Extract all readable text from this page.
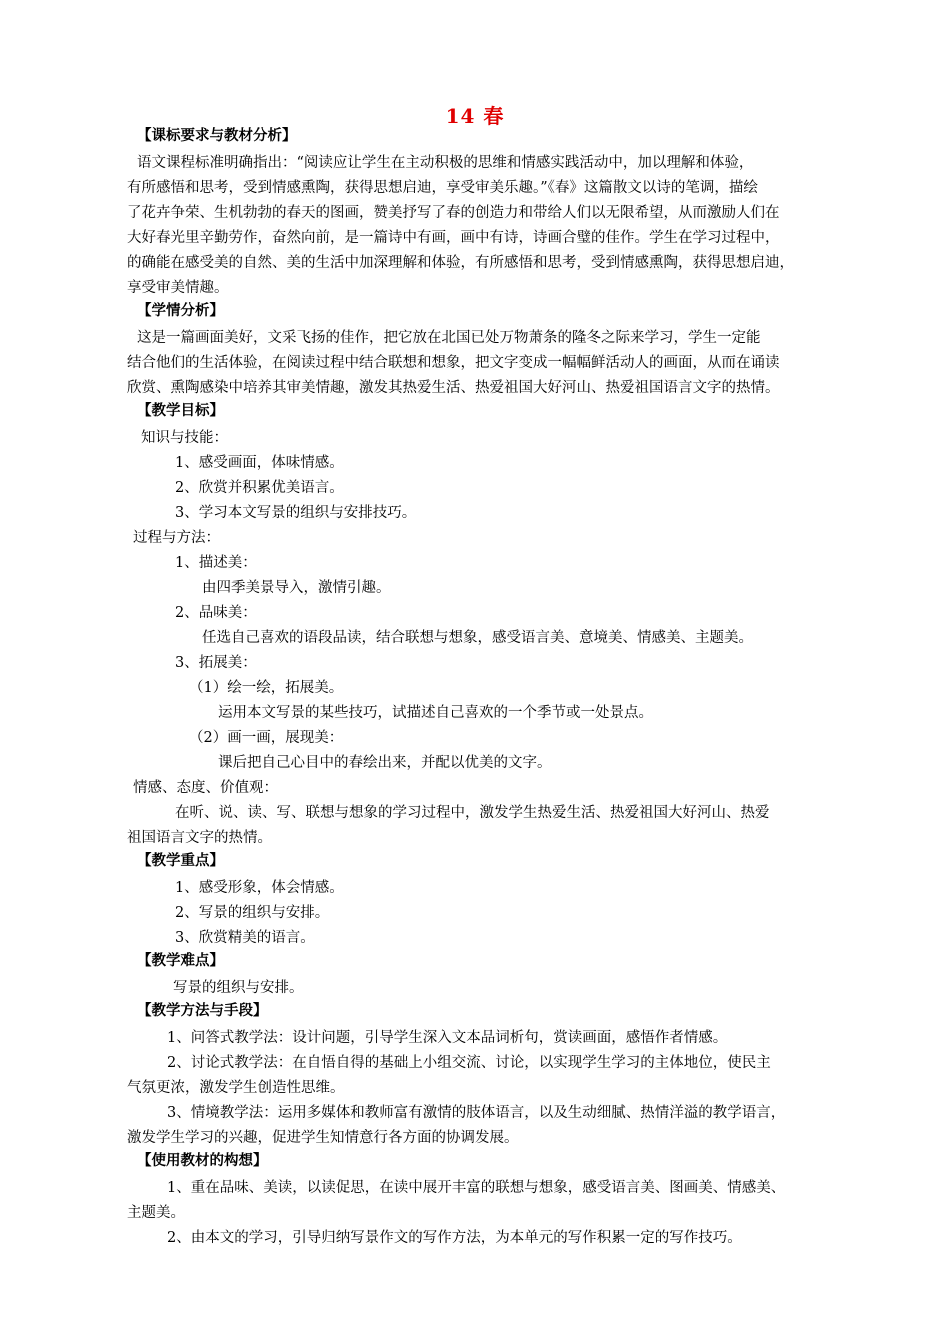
14 春
【课标要求与教材分析】
语文课程标准明确指出：“阅读应让学生在主动积极的思维和情感实践活动中，加以理解和体验，
有所感悟和思考，受到情感熏陶，获得思想启迪，享受审美乐趣。”《春》这篇散文以诗的笔调，描绘
了花卉争荣、生机勃勃的春天的图画，赞美抒写了春的创造力和带给人们以无限希望，从而激励人们在
大好春光里辛勤劳作，奋然向前，是一篇诗中有画，画中有诗，诗画合璧的佳作。学生在学习过程中，
的确能在感受美的自然、美的生活中加深理解和体验，有所感悟和思考，受到情感熏陶，获得思想启迪，
享受审美情趣。
【学情分析】
这是一篇画面美好，文采飞扬的佳作，把它放在北国已处万物萧条的隆冬之际来学习，学生一定能
结合他们的生活体验，在阅读过程中结合联想和想象，把文字变成一幅幅鲜活动人的画面，从而在诵读
欣赏、熏陶感染中培养其审美情趣，激发其热爱生活、热爱祖国大好河山、热爱祖国语言文字的热情。
【教学目标】
知识与技能：
1、感受画面，体味情感。
2、欣赏并积累优美语言。
3、学习本文写景的组织与安排技巧。
过程与方法：
1、描述美：
由四季美景导入，激情引趣。
2、品味美：
任选自己喜欢的语段品读，结合联想与想象，感受语言美、意境美、情感美、主题美。
3、拓展美：
（1）绘一绘，拓展美。
运用本文写景的某些技巧，试描述自己喜欢的一个季节或一处景点。
（2）画一画，展现美：
课后把自己心目中的春绘出来，并配以优美的文字。
情感、态度、价值观：
在听、说、读、写、联想与想象的学习过程中，激发学生热爱生活、热爱祖国大好河山、热爱
祖国语言文字的热情。
【教学重点】
1、感受形象，体会情感。
2、写景的组织与安排。
3、欣赏精美的语言。
【教学难点】
写景的组织与安排。
【教学方法与手段】
1、问答式教学法：设计问题，引导学生深入文本品词析句，赏读画面，感悟作者情感。
2、讨论式教学法：在自悟自得的基础上小组交流、讨论，以实现学生学习的主体地位，使民主
气氛更浓，激发学生创造性思维。
3、情境教学法：运用多媒体和教师富有激情的肢体语言，以及生动细腻、热情洋溢的教学语言，
激发学生学习的兴趣，促进学生知情意行各方面的协调发展。
【使用教材的构想】
1、重在品味、美读，以读促思，在读中展开丰富的联想与想象，感受语言美、图画美、情感美、
主题美。
2、由本文的学习，引导归纳写景作文的写作方法，为本单元的写作积累一定的写作技巧。
